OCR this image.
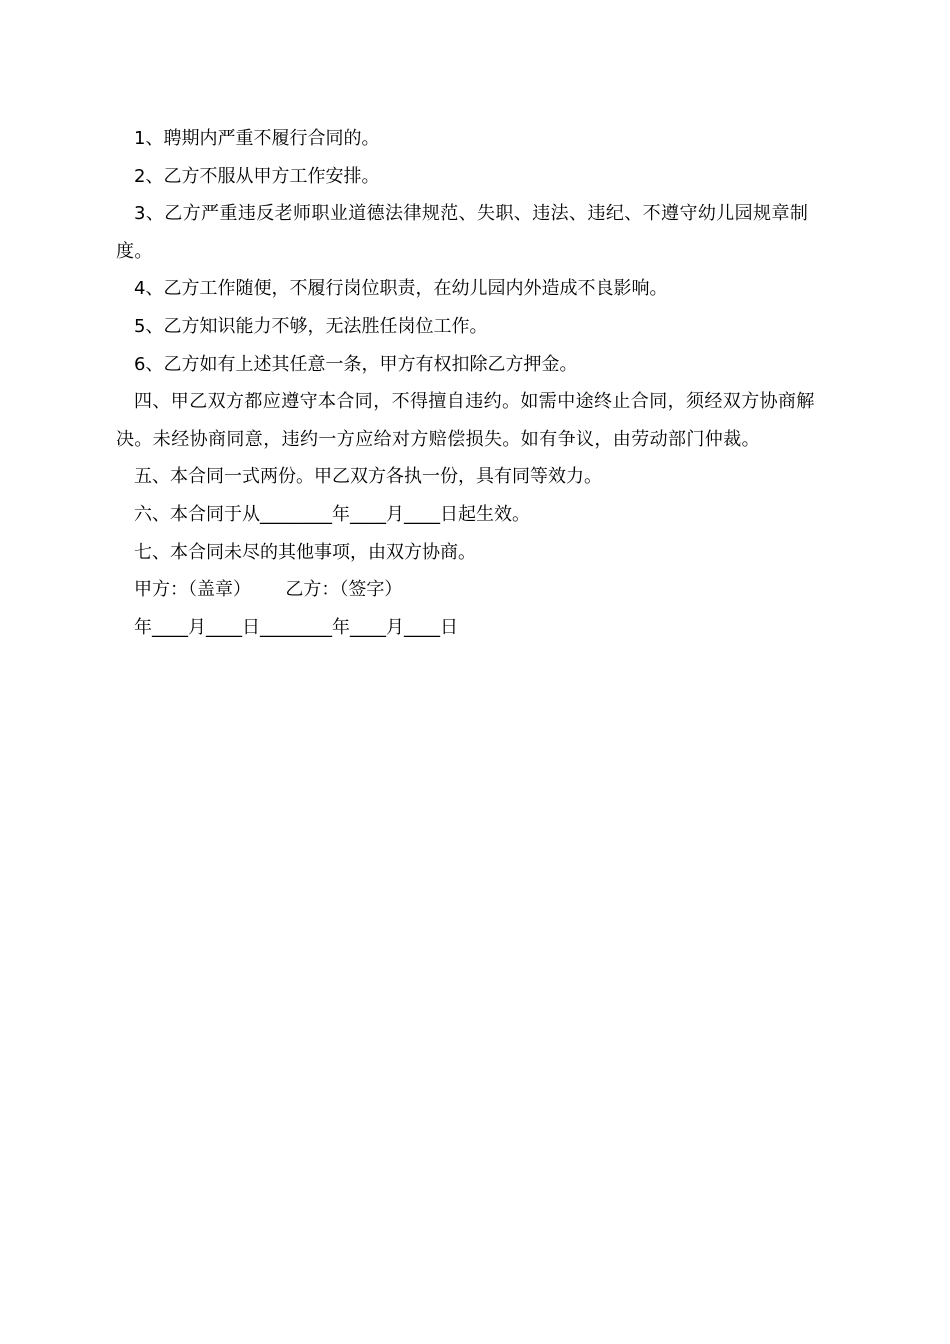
1、聘期内严重不履行合同的。

2、乙方不服从甲方工作安排。

3、乙方严重违反老师职业道德法律规范、失职、违法、违纪、不遵守幼儿园规章制度。

4、乙方工作随便，不履行岗位职责，在幼儿园内外造成不良影响。

5、乙方知识能力不够，无法胜任岗位工作。

6、乙方如有上述其任意一条，甲方有权扣除乙方押金。

四、甲乙双方都应遵守本合同，不得擅自违约。如需中途终止合同，须经双方协商解决。未经协商同意，违约一方应给对方赔偿损失。如有争议，由劳动部门仲裁。

五、本合同一式两份。甲乙双方各执一份，具有同等效力。

六、本合同于从________年____月____日起生效。

七、本合同未尽的其他事项，由双方协商。

甲方：（盖章）      乙方：（签字）

年____月____日________年____月____日
